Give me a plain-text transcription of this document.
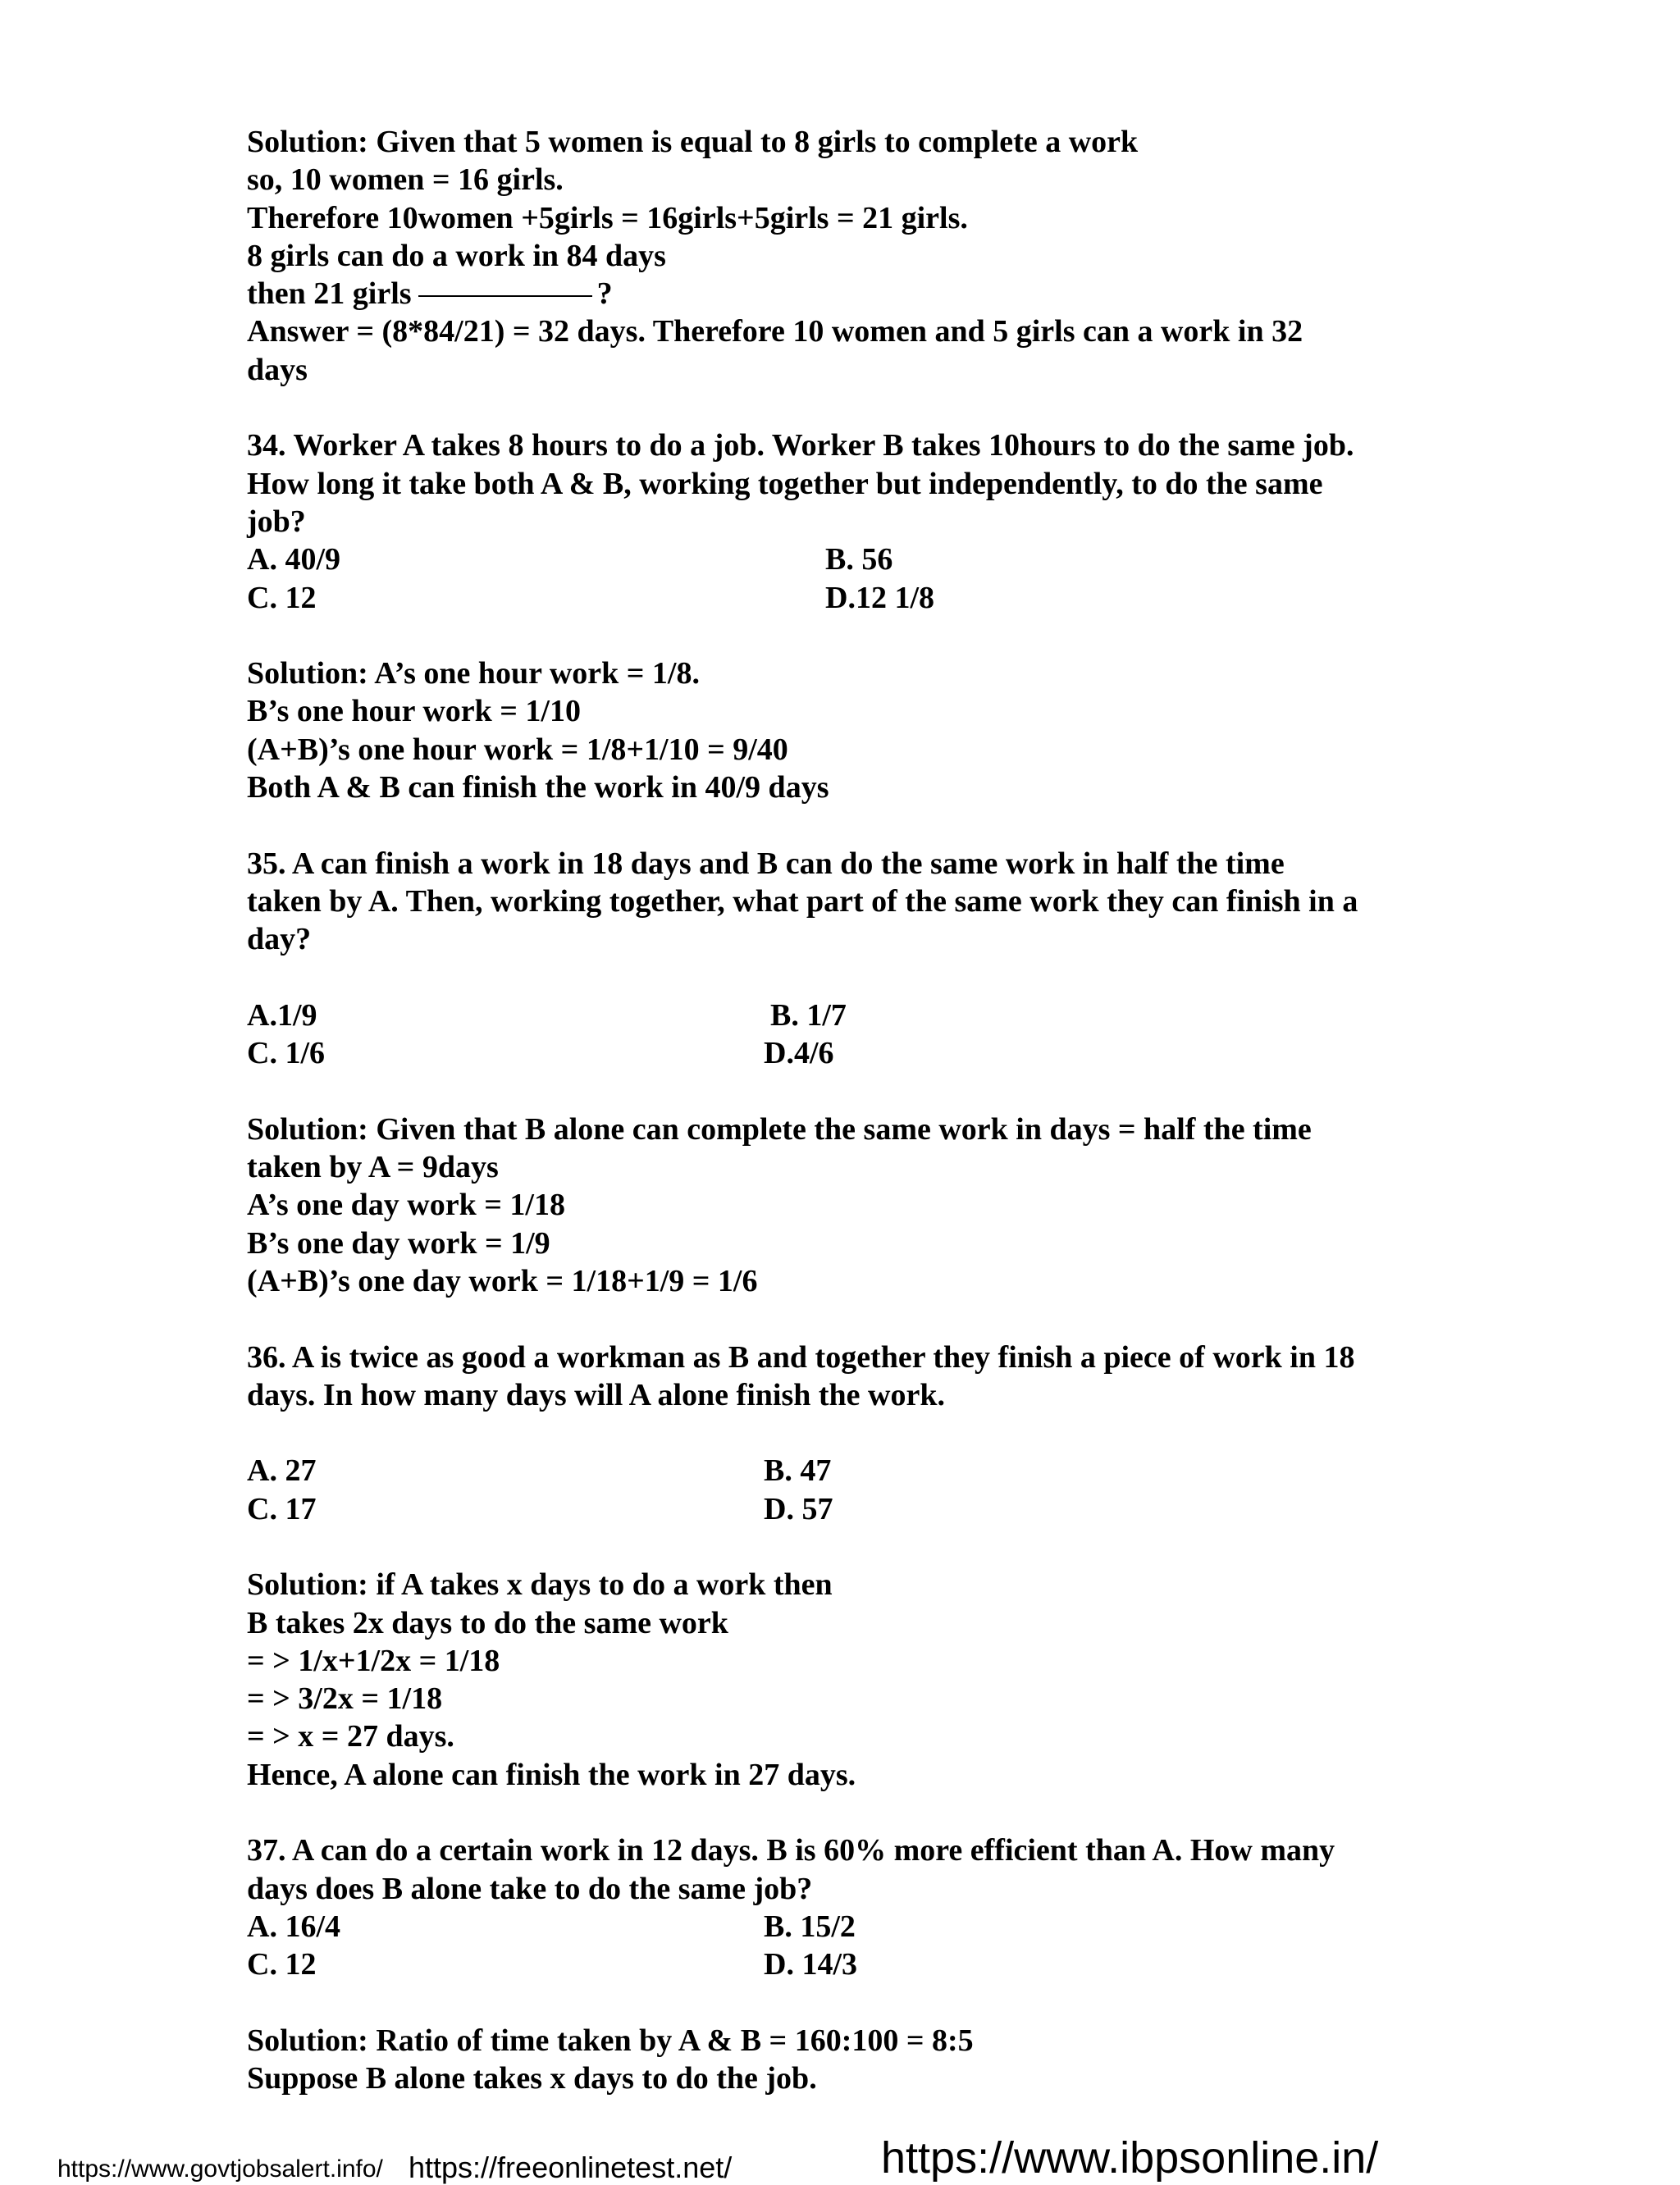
Solution: Given that 5 women is equal to 8 girls to complete a work
so, 10 women = 16 girls.
Therefore 10women +5girls = 16girls+5girls = 21 girls.
8 girls can do a work in 84 days
then 21 girls	?
Answer = (8*84/21) = 32 days. Therefore 10 women and 5 girls can a work in 32
days
34. Worker A takes 8 hours to do a job. Worker B takes 10hours to do the same job.
How long it take both A & B, working together but independently, to do the same
job?
A. 40/9	B. 56
C. 12	D.12 1/8
Solution: A’s one hour work = 1/8.
B’s one hour work = 1/10
(A+B)’s one hour work = 1/8+1/10 = 9/40
Both A & B can finish the work in 40/9 days
35. A can finish a work in 18 days and B can do the same work in half the time
taken by A. Then, working together, what part of the same work they can finish in a
day?
A.1/9	B. 1/7
C. 1/6	D.4/6
Solution: Given that B alone can complete the same work in days = half the time
taken by A = 9days
A’s one day work = 1/18
B’s one day work = 1/9
(A+B)’s one day work = 1/18+1/9 = 1/6
36. A is twice as good a workman as B and together they finish a piece of work in 18
days. In how many days will A alone finish the work.
A. 27	B. 47
C. 17	D. 57
Solution: if A takes x days to do a work then
B takes 2x days to do the same work
= > 1/x+1/2x = 1/18
= > 3/2x = 1/18
= > x = 27 days.
Hence, A alone can finish the work in 27 days.
37. A can do a certain work in 12 days. B is 60% more efficient than A. How many
days does B alone take to do the same job?
A. 16/4	B. 15/2
C. 12	D. 14/3
Solution: Ratio of time taken by A & B = 160:100 = 8:5
Suppose B alone takes x days to do the job.
https://www.govtjobsalert.info/ https://freeonlinetest.net/	https://www.ibpsonline.in/
